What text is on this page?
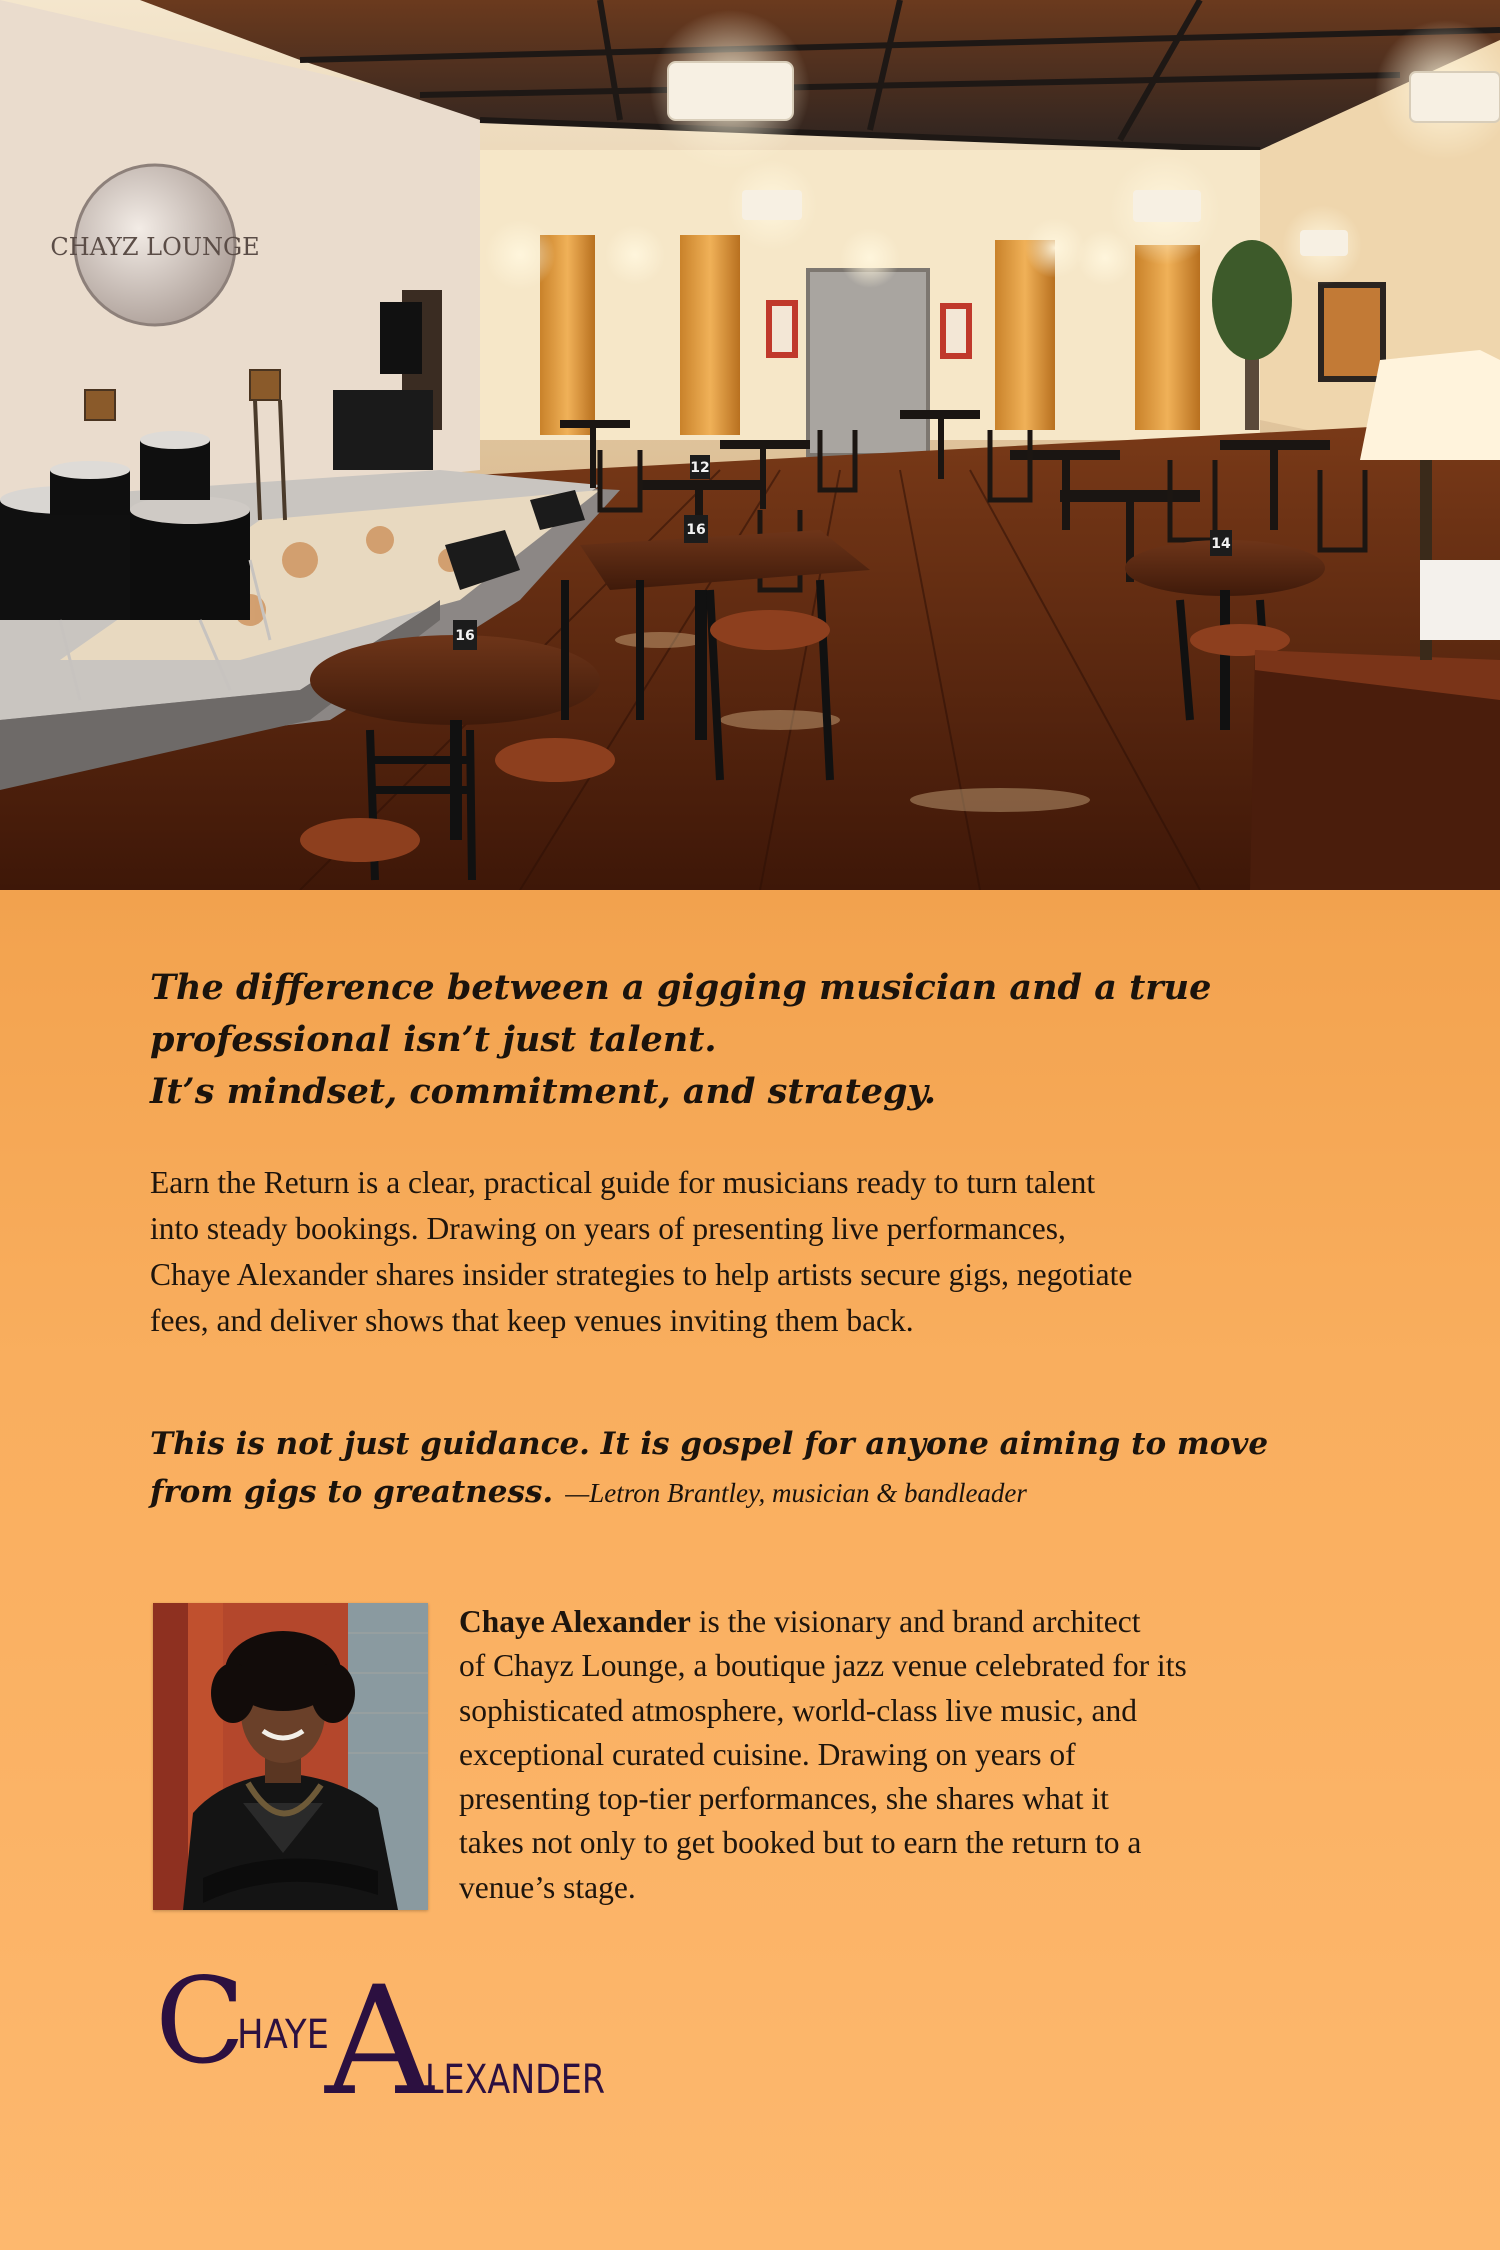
CHAYZ LOUNGE
16
16
12
14
The difference between a gigging musician and a true
professional isn’t just talent.
It’s mindset, commitment, and strategy.
Earn the Return is a clear, practical guide for musicians ready to turn talent
into steady bookings. Drawing on years of presenting live performances,
Chaye Alexander shares insider strategies to help artists secure gigs, negotiate
fees, and deliver shows that keep venues inviting them back.
This is not just guidance. It is gospel for anyone aiming to move
from gigs to greatness. —Letron Brantley, musician & bandleader
Chaye Alexander is the visionary and brand architect
of Chayz Lounge, a boutique jazz venue celebrated for its
sophisticated atmosphere, world-class live music, and
exceptional curated cuisine. Drawing on years of
presenting top-tier performances, she shares what it
takes not only to get booked but to earn the return to a
venue’s stage.
C
HAYE
A
LEXANDER
